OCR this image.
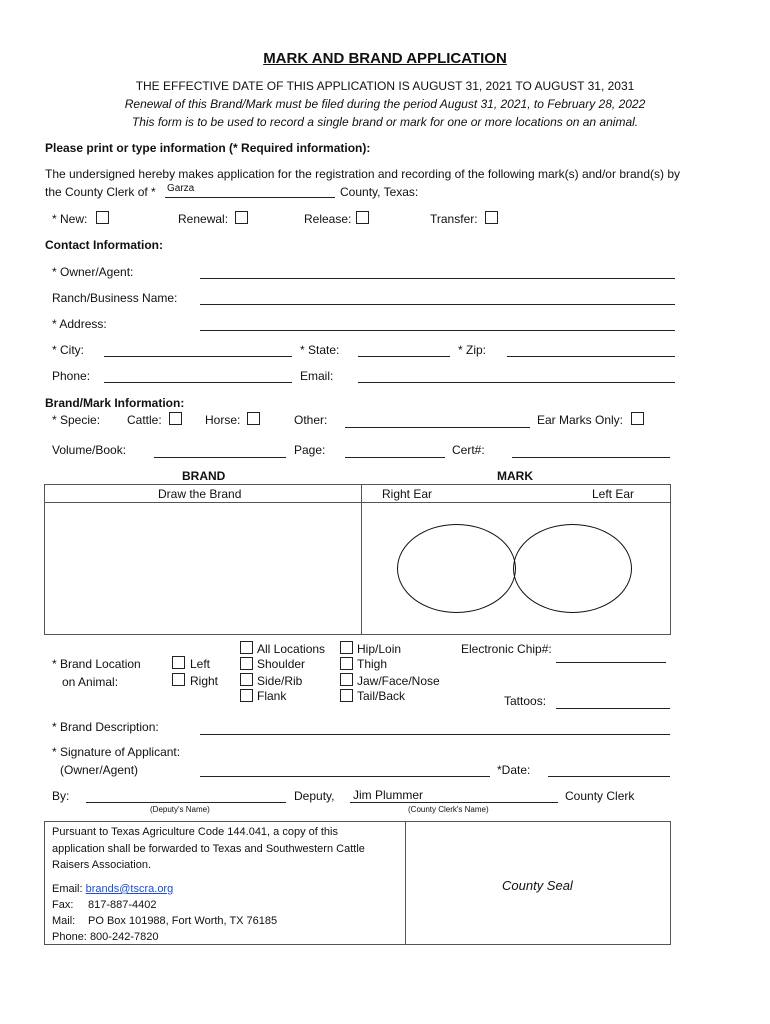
MARK AND BRAND APPLICATION
THE EFFECTIVE DATE OF THIS APPLICATION IS AUGUST 31, 2021 TO AUGUST 31, 2031
Renewal of this Brand/Mark must be filed during the period August 31, 2021, to February 28, 2022
This form is to be used to record a single brand or mark for one or more locations on an animal.
Please print or type information (* Required information):
The undersigned hereby makes application for the registration and recording of the following mark(s) and/or brand(s) by
the County Clerk of * Garza	County, Texas:
* New:	Renewal:	Release:	Transfer:
Contact Information:
* Owner/Agent:
Ranch/Business Name:
* Address:
* City:	* State:	* Zip:
Phone:	Email:
Brand/Mark Information:
* Specie: Cattle:	Horse:	Other:	Ear Marks Only:
Volume/Book:	Page:	Cert#:
BRAND	MARK
Draw the Brand	Right Ear	Left Ear
* Brand Location
on Animal:
Left
Right
All Locations
Shoulder
Side/Rib
Flank
Hip/Loin
Thigh
Jaw/Face/Nose
Tail/Back
Electronic Chip#:
Tattoos:
* Brand Description:
* Signature of Applicant:
(Owner/Agent)	*Date:
By:	Deputy, Jim Plummer	County Clerk
(Deputy's Name)	(County Clerk's Name)
Pursuant to Texas Agriculture Code 144.041, a copy of this
application shall be forwarded to Texas and Southwestern Cattle
Raisers Association.
Email: brands@tscra.org
Fax: 817-887-4402
Mail: PO Box 101988, Fort Worth, TX 76185
Phone: 800-242-7820
County Seal
